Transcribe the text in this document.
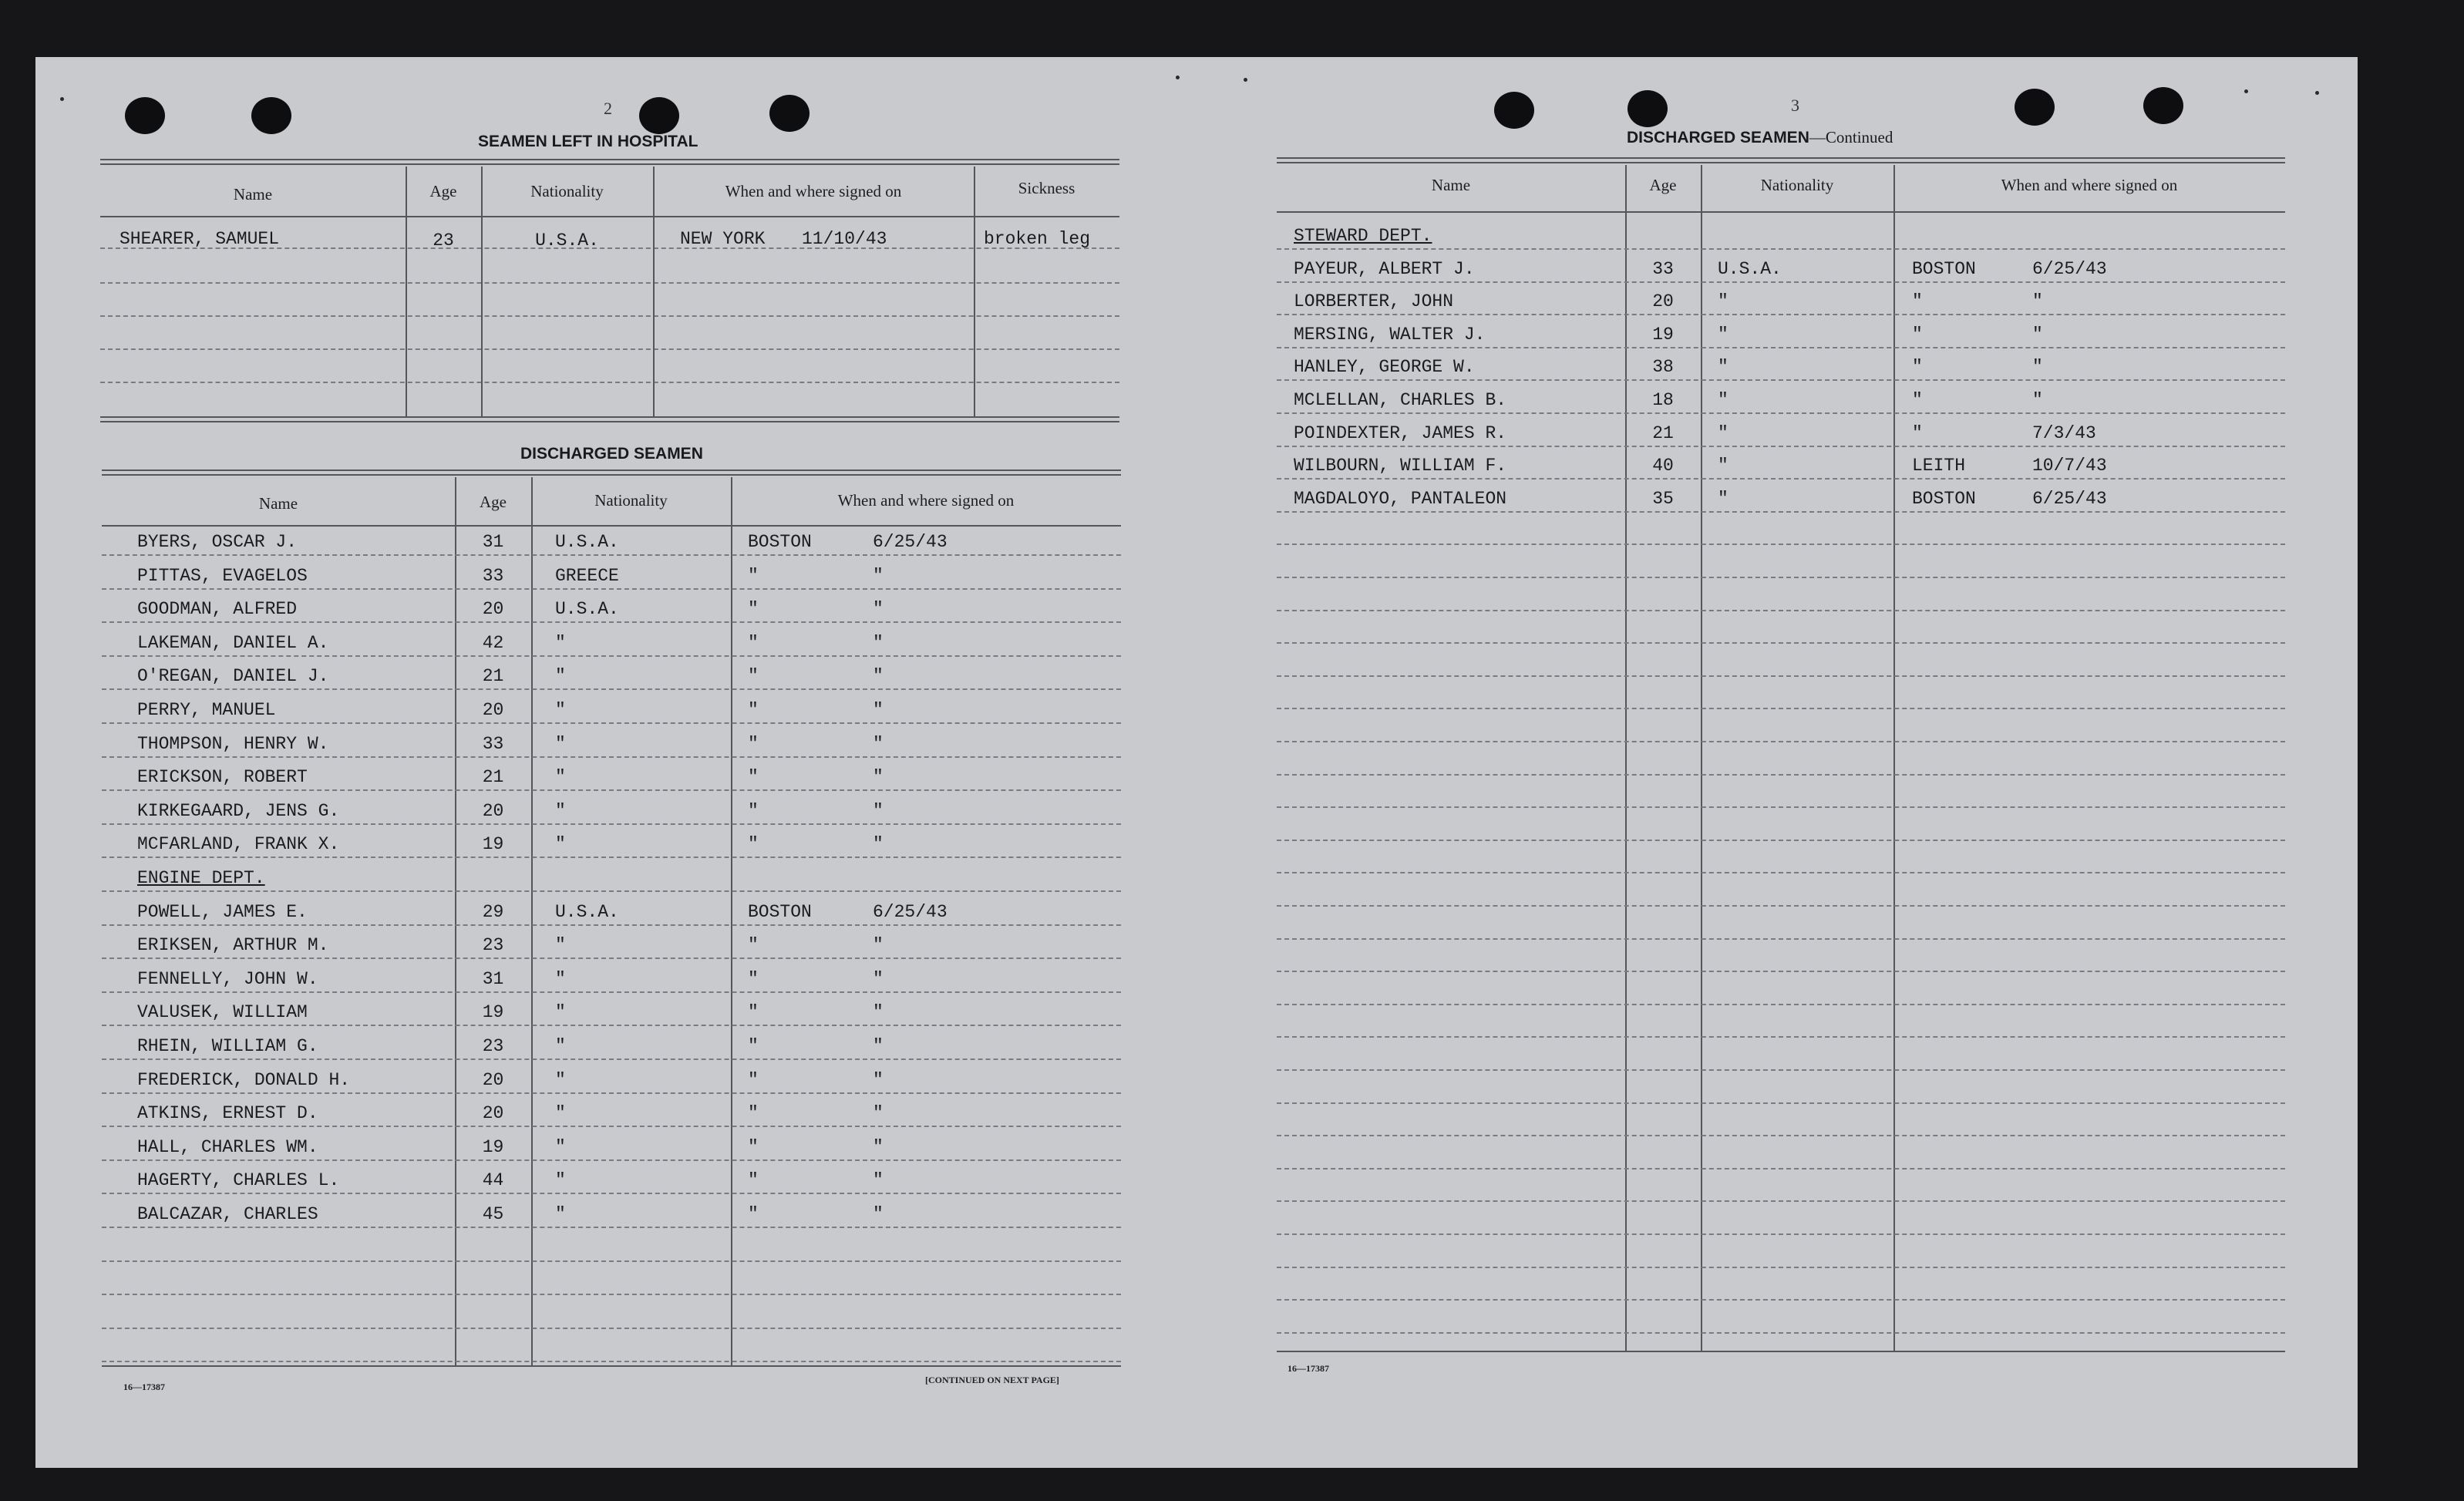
2
SEAMEN LEFT IN HOSPITAL
Name	Age	Nationality	When and where signed on	Sickness
SHEARER, SAMUEL	23	U.S.A.	NEW YORK 11/10/43	broken leg
DISCHARGED SEAMEN
Name	Age	Nationality	When and where signed on
BYERS, OSCAR J.	31	U.S.A.	BOSTON	6/25/43
PITTAS, EVAGELOS	33	GREECE	"	"
GOODMAN, ALFRED	20	U.S.A.	"	"
LAKEMAN, DANIEL A.	42	"	"	"
O'REGAN, DANIEL J.	21	"	"	"
PERRY, MANUEL	20	"	"	"
THOMPSON, HENRY W.	33	"	"	"
ERICKSON, ROBERT	21	"	"	"
KIRKEGAARD, JENS G.	20	"	"	"
MCFARLAND, FRANK X.	19	"	"	"
ENGINE DEPT.
POWELL, JAMES E.	29	U.S.A.	BOSTON	6/25/43
ERIKSEN, ARTHUR M.	23	"	"	"
FENNELLY, JOHN W.	31	"	"	"
VALUSEK, WILLIAM	19	"	"	"
RHEIN, WILLIAM G.	23	"	"	"
FREDERICK, DONALD H.	20	"	"	"
ATKINS, ERNEST D.	20	"	"	"
HALL, CHARLES WM.	19	"	"	"
HAGERTY, CHARLES L.	44	"	"	"
BALCAZAR, CHARLES	45	"	"	"
16—17387
[CONTINUED ON NEXT PAGE]
3
DISCHARGED SEAMEN—Continued
Name	Age	Nationality	When and where signed on
STEWARD DEPT.
PAYEUR, ALBERT J.	33	U.S.A.	BOSTON	6/25/43
LORBERTER, JOHN	20	"	"	"
MERSING, WALTER J.	19	"	"	"
HANLEY, GEORGE W.	38	"	"	"
MCLELLAN, CHARLES B.	18	"	"	"
POINDEXTER, JAMES R.	21	"	"	7/3/43
WILBOURN, WILLIAM F.	40	"	LEITH	10/7/43
MAGDALOYO, PANTALEON	35	"	BOSTON	6/25/43
16—17387
